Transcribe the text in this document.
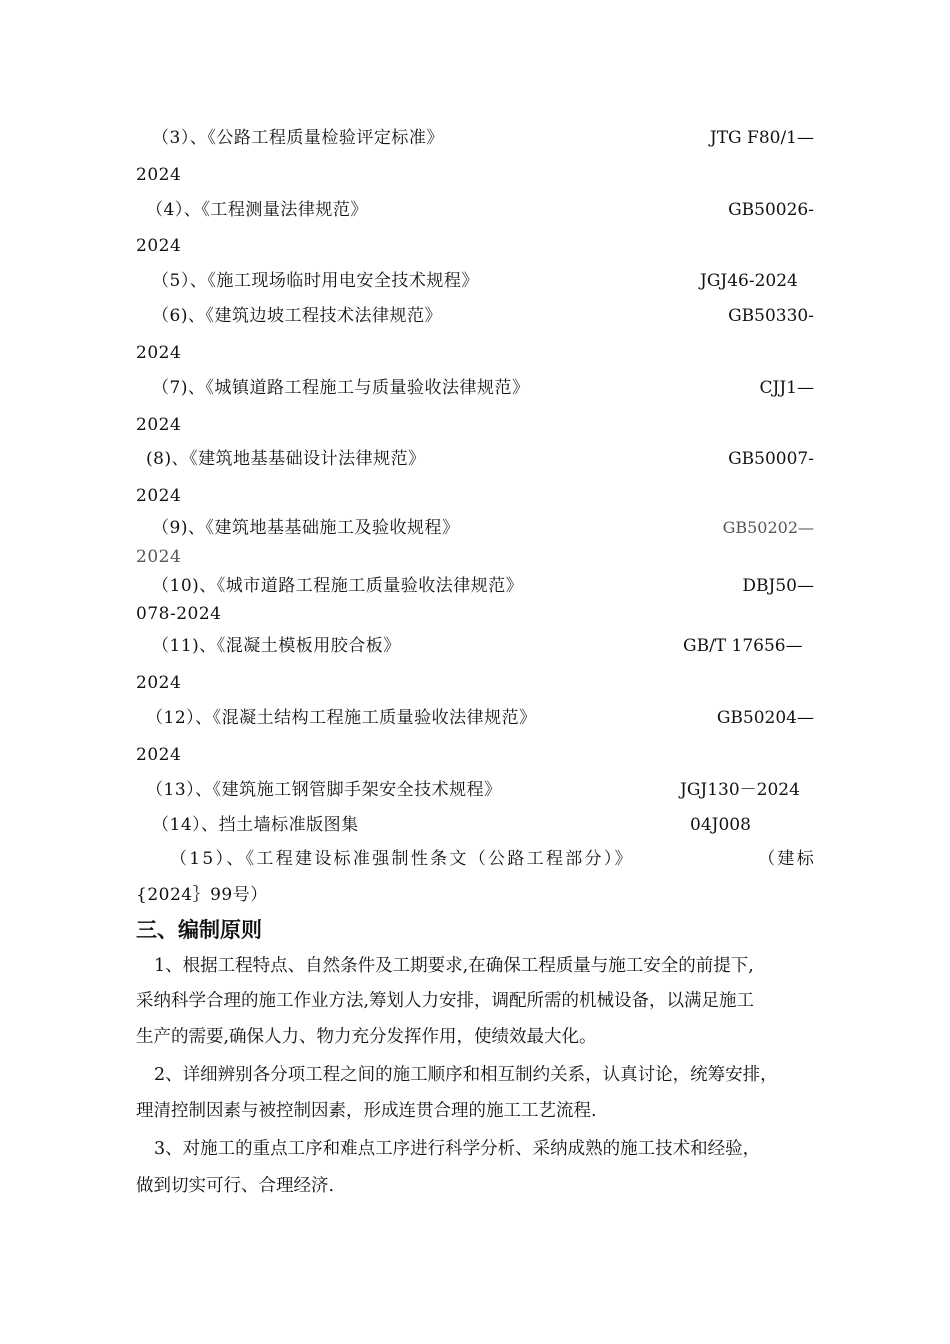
（3）、《公路工程质量检验评定标准》	JTG F80/1—
2024
（4）、《工程测量法律规范》	GB50026-
2024
（5）、《施工现场临时用电安全技术规程》	JGJ46-2024
（6)、《建筑边坡工程技术法律规范》	GB50330-
2024
（7)、《城镇道路工程施工与质量验收法律规范》	CJJ1—
2024
(8)、《建筑地基基础设计法律规范》	GB50007-
2024
（9)、《建筑地基基础施工及验收规程》	GB50202—
2024
（10)、《城市道路工程施工质量验收法律规范》	DBJ50—
078-2024
（11)、《混凝土模板用胶合板》	GB/T 17656—
2024
（12）、《混凝土结构工程施工质量验收法律规范》	GB50204—
2024
（13）、《建筑施工钢管脚手架安全技术规程》	JGJ130－2024
（14）、挡土墙标准版图集	04J008
（15）、《工程建设标准强制性条文（公路工程部分）》	（建标
{2024｝99号）
三、编制原则
1、根据工程特点、自然条件及工期要求,在确保工程质量与施工安全的前提下,
采纳科学合理的施工作业方法,筹划人力安排，调配所需的机械设备，以满足施工
生产的需要,确保人力、物力充分发挥作用，使绩效最大化。
2、详细辨别各分项工程之间的施工顺序和相互制约关系，认真讨论，统筹安排，
理清控制因素与被控制因素，形成连贯合理的施工工艺流程.
3、对施工的重点工序和难点工序进行科学分析、采纳成熟的施工技术和经验，
做到切实可行、合理经济.
